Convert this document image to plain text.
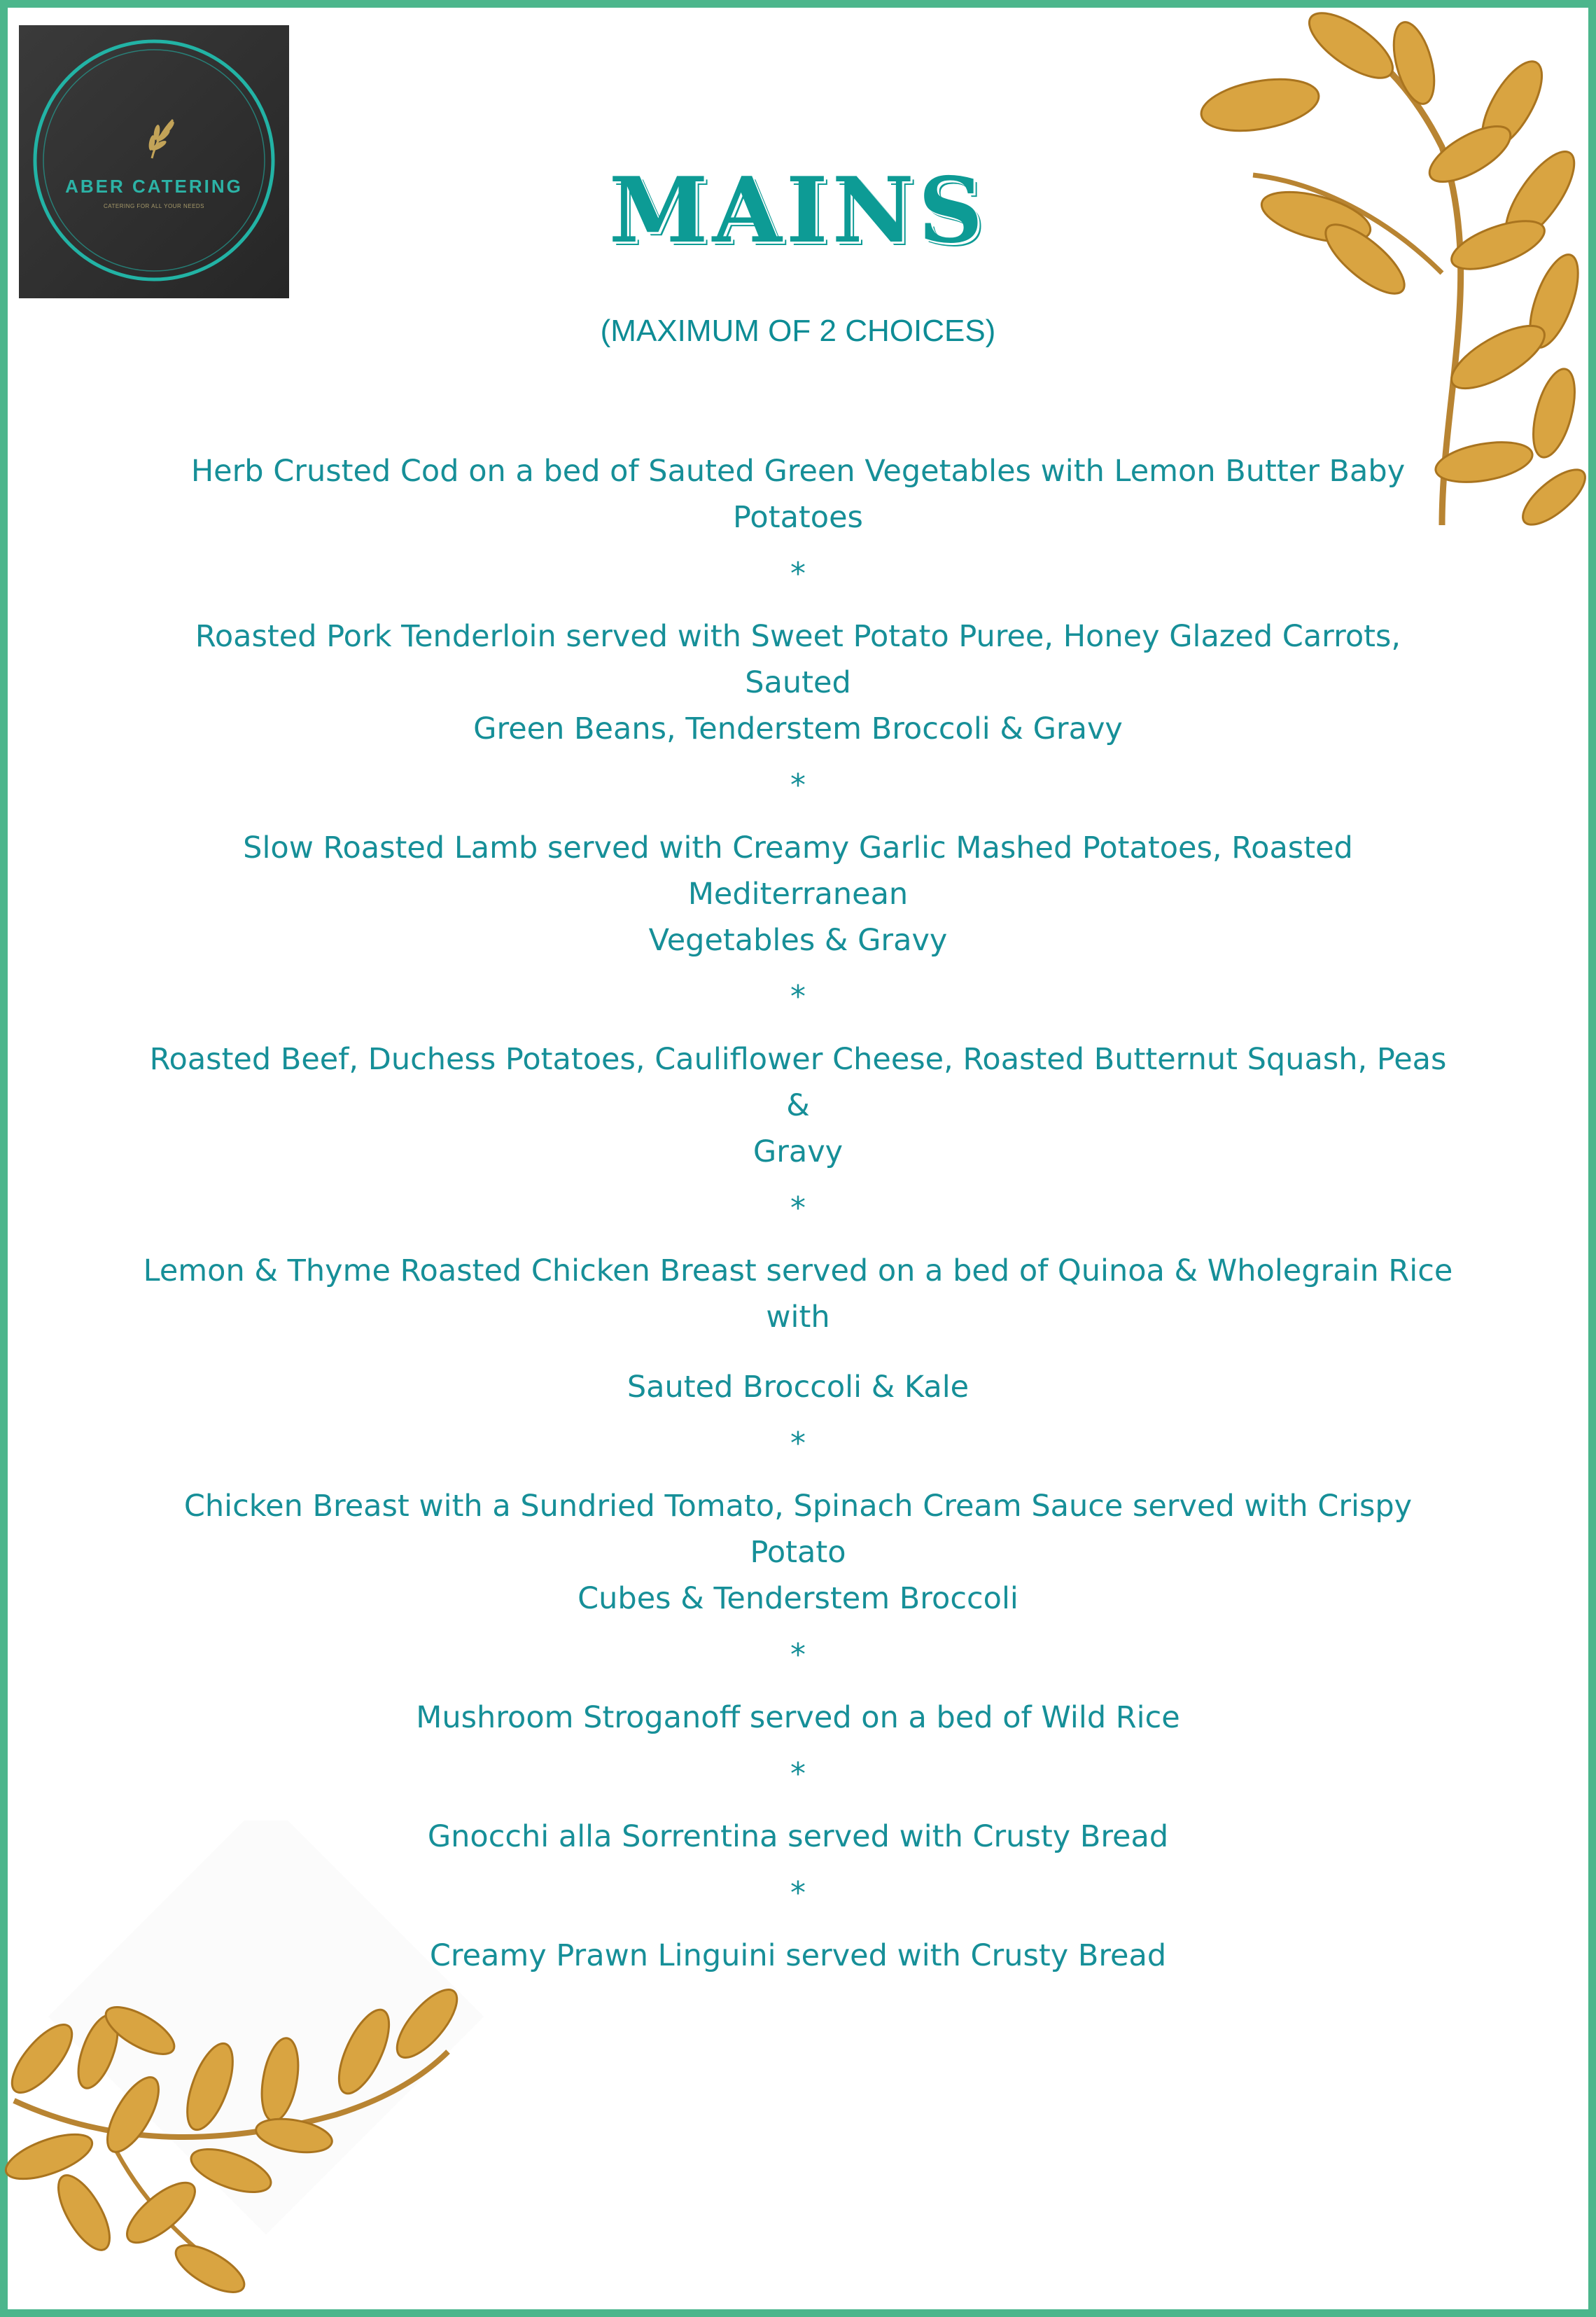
ABER CATERING
CATERING FOR ALL YOUR NEEDS	MAINS
(MAXIMUM OF 2 CHOICES)
Herb Crusted Cod on a bed of Sauted Green Vegetables with Lemon Butter Baby Potatoes
*
Roasted Pork Tenderloin served with Sweet Potato Puree, Honey Glazed Carrots, Sauted
Green Beans, Tenderstem Broccoli & Gravy
*
Slow Roasted Lamb served with Creamy Garlic Mashed Potatoes, Roasted Mediterranean
Vegetables & Gravy
*
Roasted Beef, Duchess Potatoes, Cauliflower Cheese, Roasted Butternut Squash, Peas &
Gravy
*
Lemon & Thyme Roasted Chicken Breast served on a bed of Quinoa & Wholegrain Rice with
Sauted Broccoli & Kale
*
Chicken Breast with a Sundried Tomato, Spinach Cream Sauce served with Crispy Potato
Cubes & Tenderstem Broccoli
*
Mushroom Stroganoff served on a bed of Wild Rice
*
Gnocchi alla Sorrentina served with Crusty Bread
*
Creamy Prawn Linguini served with Crusty Bread
